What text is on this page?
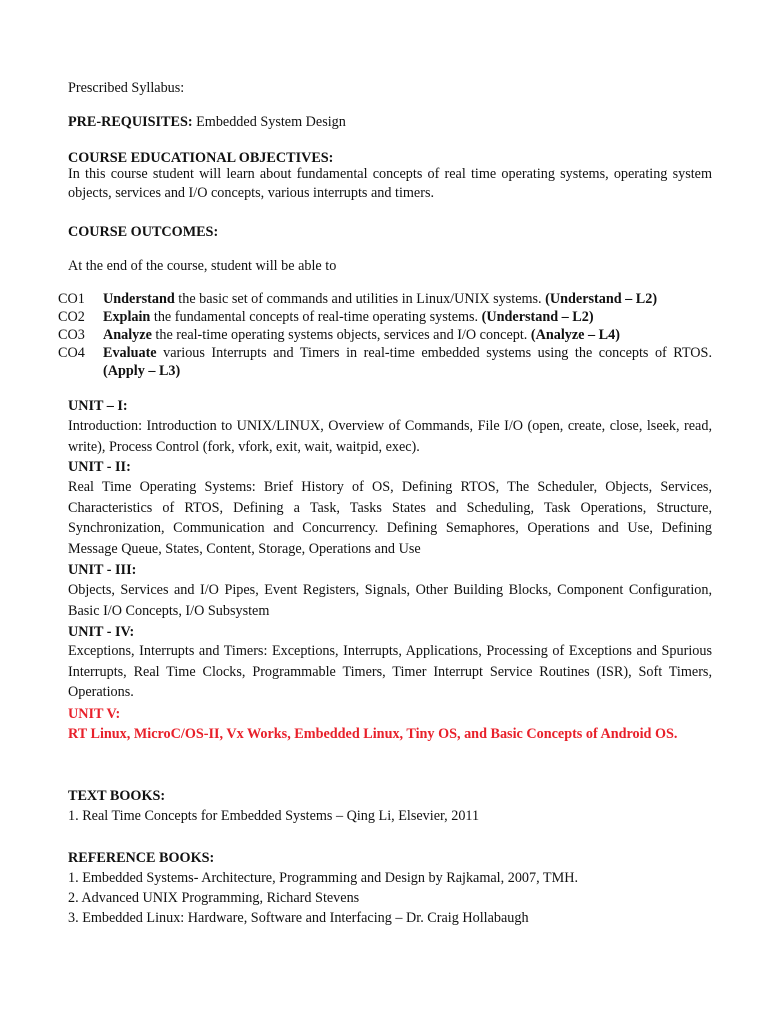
Prescribed Syllabus:
PRE-REQUISITES: Embedded System Design
COURSE EDUCATIONAL OBJECTIVES:
In this course student will learn about fundamental concepts of real time operating systems, operating system objects, services and I/O concepts, various interrupts and timers.
COURSE OUTCOMES:
At the end of the course, student will be able to
CO1 Understand the basic set of commands and utilities in Linux/UNIX systems. (Understand – L2)
CO2 Explain the fundamental concepts of real-time operating systems. (Understand – L2)
CO3 Analyze the real-time operating systems objects, services and I/O concept. (Analyze – L4)
CO4 Evaluate various Interrupts and Timers in real-time embedded systems using the concepts of RTOS. (Apply – L3)
UNIT – I:
Introduction: Introduction to UNIX/LINUX, Overview of Commands, File I/O (open, create, close, lseek, read, write), Process Control (fork, vfork, exit, wait, waitpid, exec).
UNIT - II:
Real Time Operating Systems: Brief History of OS, Defining RTOS, The Scheduler, Objects, Services, Characteristics of RTOS, Defining a Task, Tasks States and Scheduling, Task Operations, Structure, Synchronization, Communication and Concurrency. Defining Semaphores, Operations and Use, Defining Message Queue, States, Content, Storage, Operations and Use
UNIT - III:
Objects, Services and I/O Pipes, Event Registers, Signals, Other Building Blocks, Component Configuration, Basic I/O Concepts, I/O Subsystem
UNIT - IV:
Exceptions, Interrupts and Timers: Exceptions, Interrupts, Applications, Processing of Exceptions and Spurious Interrupts, Real Time Clocks, Programmable Timers, Timer Interrupt Service Routines (ISR), Soft Timers, Operations.
UNIT V:
RT Linux, MicroC/OS-II, Vx Works, Embedded Linux, Tiny OS, and Basic Concepts of Android OS.
TEXT BOOKS:
1. Real Time Concepts for Embedded Systems – Qing Li, Elsevier, 2011
REFERENCE BOOKS:
1. Embedded Systems- Architecture, Programming and Design by Rajkamal, 2007, TMH.
2. Advanced UNIX Programming, Richard Stevens
3. Embedded Linux: Hardware, Software and Interfacing – Dr. Craig Hollabaugh
